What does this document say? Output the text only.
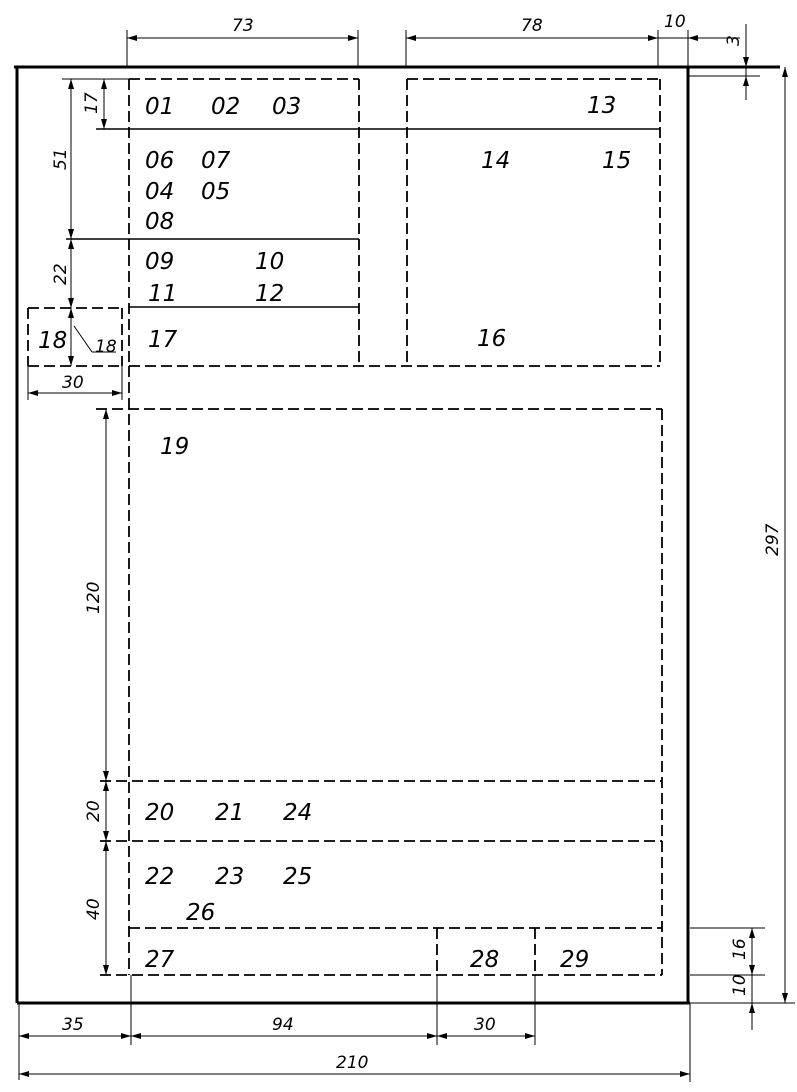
01 02 03	13
06 07	14	15
04 05
08
09	10
11	12
17	16
18
19
20 21 24
22 23 25
26
27	28	29
73	78	10
3
17
51
22
18
30
120
20
40
297
16
10
35	94	30
210
